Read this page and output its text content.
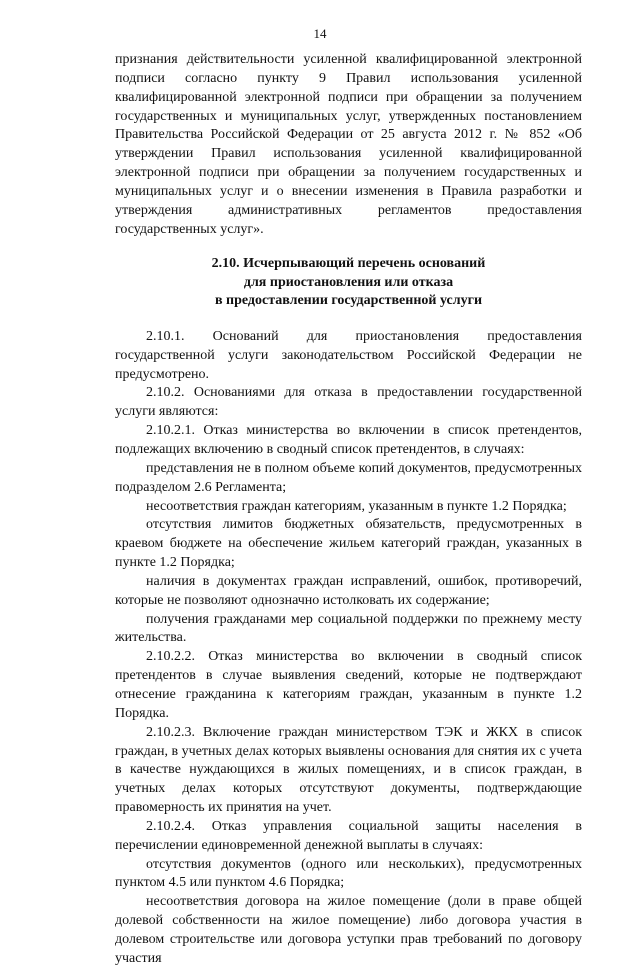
14

признания действительности усиленной квалифицированной электронной подписи согласно пункту 9 Правил использования усиленной квалифицированной электронной подписи при обращении за получением государственных и муниципальных услуг, утвержденных постановлением Правительства Российской Федерации от 25 августа 2012 г. № 852 «Об утверждении Правил использования усиленной квалифицированной электронной подписи при обращении за получением государственных и муниципальных услуг и о внесении изменения в Правила разработки и утверждения административных регламентов предоставления государственных услуг».

2.10. Исчерпывающий перечень оснований
для приостановления или отказа
в предоставлении государственной услуги

2.10.1. Оснований для приостановления предоставления государственной услуги законодательством Российской Федерации не предусмотрено.

2.10.2. Основаниями для отказа в предоставлении государственной услуги являются:

2.10.2.1. Отказ министерства во включении в список претендентов, подлежащих включению в сводный список претендентов, в случаях:

представления не в полном объеме копий документов, предусмотренных подразделом 2.6 Регламента;

несоответствия граждан категориям, указанным в пункте 1.2 Порядка;

отсутствия лимитов бюджетных обязательств, предусмотренных в краевом бюджете на обеспечение жильем категорий граждан, указанных в пункте 1.2 Порядка;

наличия в документах граждан исправлений, ошибок, противоречий, которые не позволяют однозначно истолковать их содержание;

получения гражданами мер социальной поддержки по прежнему месту жительства.

2.10.2.2. Отказ министерства во включении в сводный список претендентов в случае выявления сведений, которые не подтверждают отнесение гражданина к категориям граждан, указанным в пункте 1.2 Порядка.

2.10.2.3. Включение граждан министерством ТЭК и ЖКХ в список граждан, в учетных делах которых выявлены основания для снятия их с учета в качестве нуждающихся в жилых помещениях, и в список граждан, в учетных делах которых отсутствуют документы, подтверждающие правомерность их принятия на учет.

2.10.2.4. Отказ управления социальной защиты населения в перечислении единовременной денежной выплаты в случаях:

отсутствия документов (одного или нескольких), предусмотренных пунктом 4.5 или пунктом 4.6 Порядка;

несоответствия договора на жилое помещение (доли в праве общей долевой собственности на жилое помещение) либо договора участия в долевом строительстве или договора уступки прав требований по договору участия
